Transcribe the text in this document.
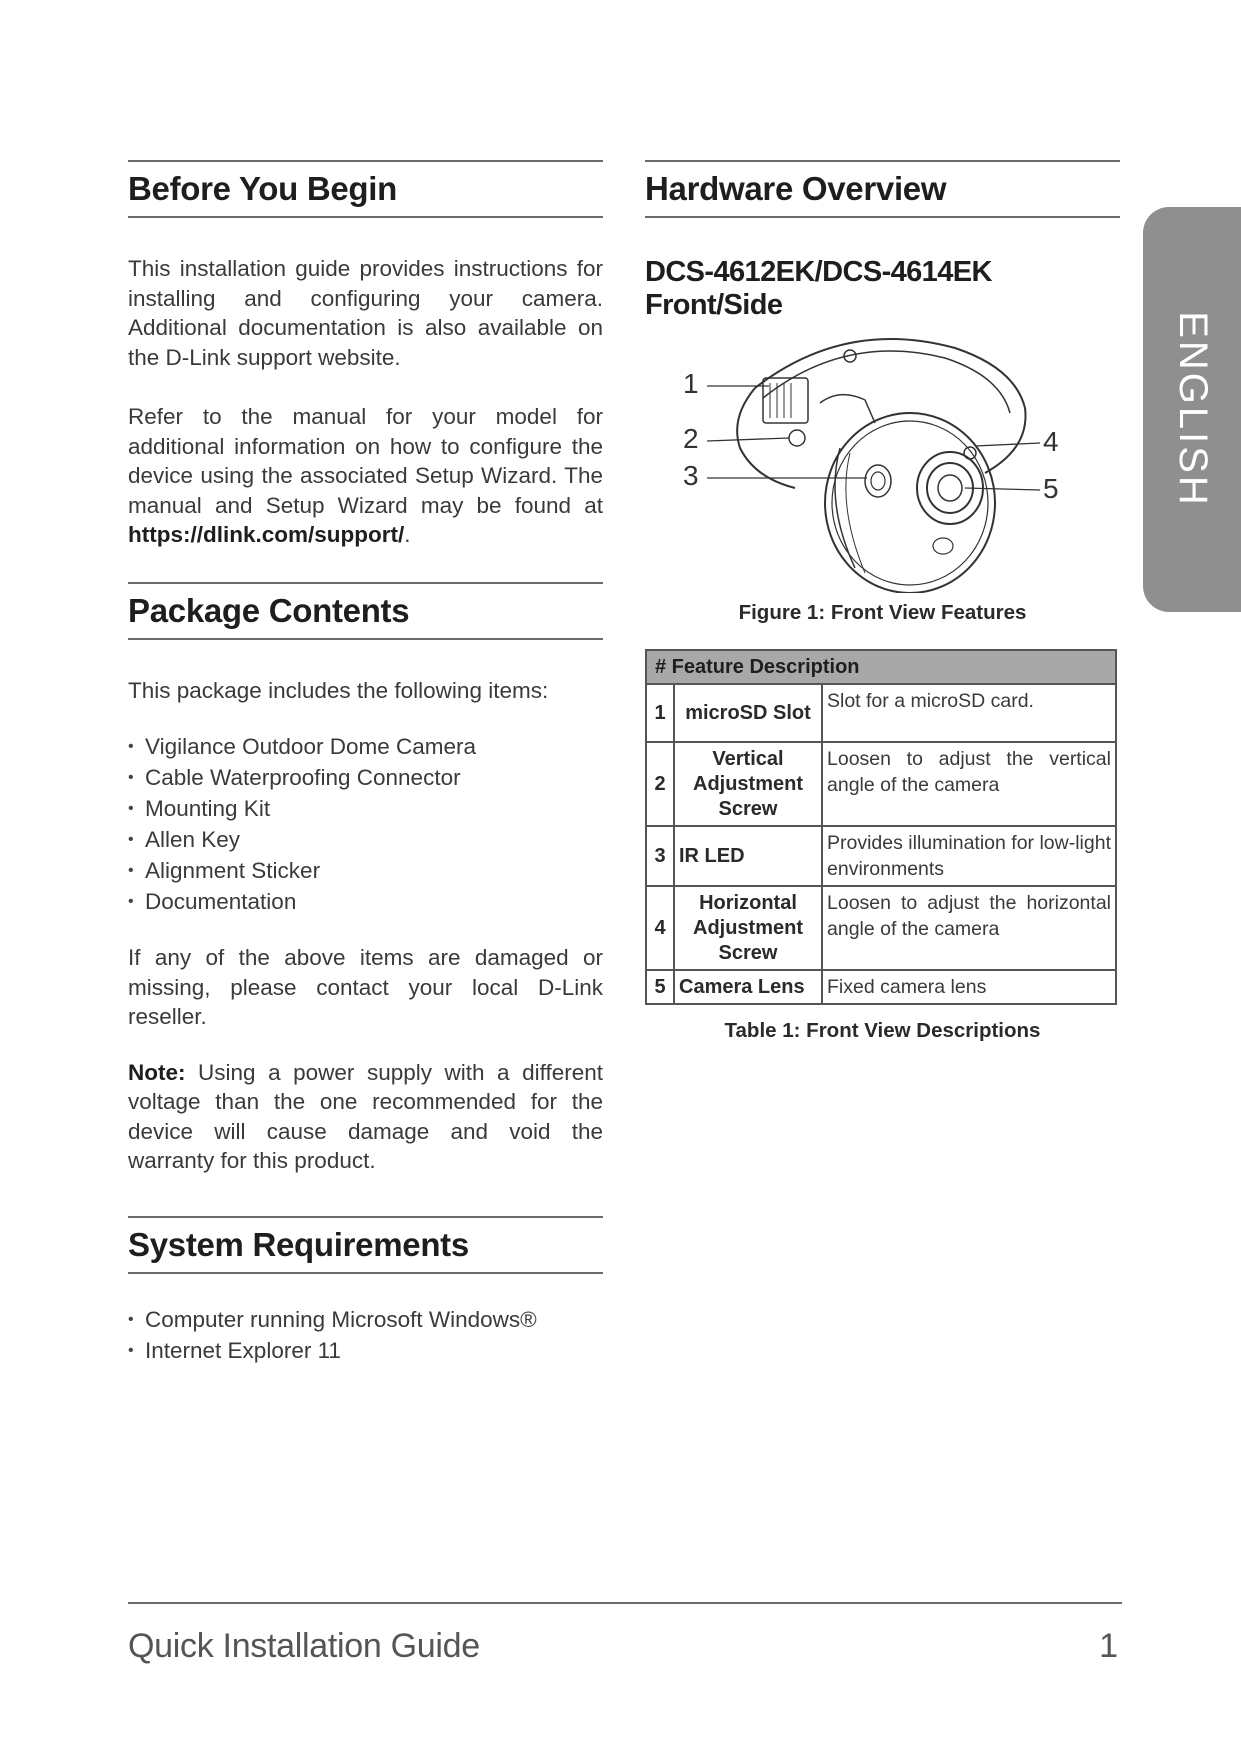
ENGLISH
Before You Begin

This installation guide provides instructions for installing and configuring your camera. Additional documentation is also available on the D-Link support website.

Refer to the manual for your model for additional information on how to configure the device using the associated Setup Wizard. The manual and Setup Wizard may be found at https://dlink.com/support/.

Package Contents

This package includes the following items:

• Vigilance Outdoor Dome Camera
• Cable Waterproofing Connector
• Mounting Kit
• Allen Key
• Alignment Sticker
• Documentation

If any of the above items are damaged or missing, please contact your local D-Link reseller.

Note: Using a power supply with a different voltage than the one recommended for the device will cause damage and void the warranty for this product.

System Requirements
• Computer running Microsoft Windows®
• Internet Explorer 11
Hardware Overview
DCS-4612EK/DCS-4614EK Front/Side
1
2
3
4
5
Figure 1: Front View Features
# Feature Description		
1	microSD Slot	Slot for a microSD card.
2	Vertical Adjustment Screw	Loosen to adjust the vertical angle of the camera
3	IR LED	Provides illumination for low-light environments
4	Horizontal Adjustment Screw	Loosen to adjust the horizontal angle of the camera
5	Camera Lens	Fixed camera lens
Table 1: Front View Descriptions
Quick Installation Guide	1
